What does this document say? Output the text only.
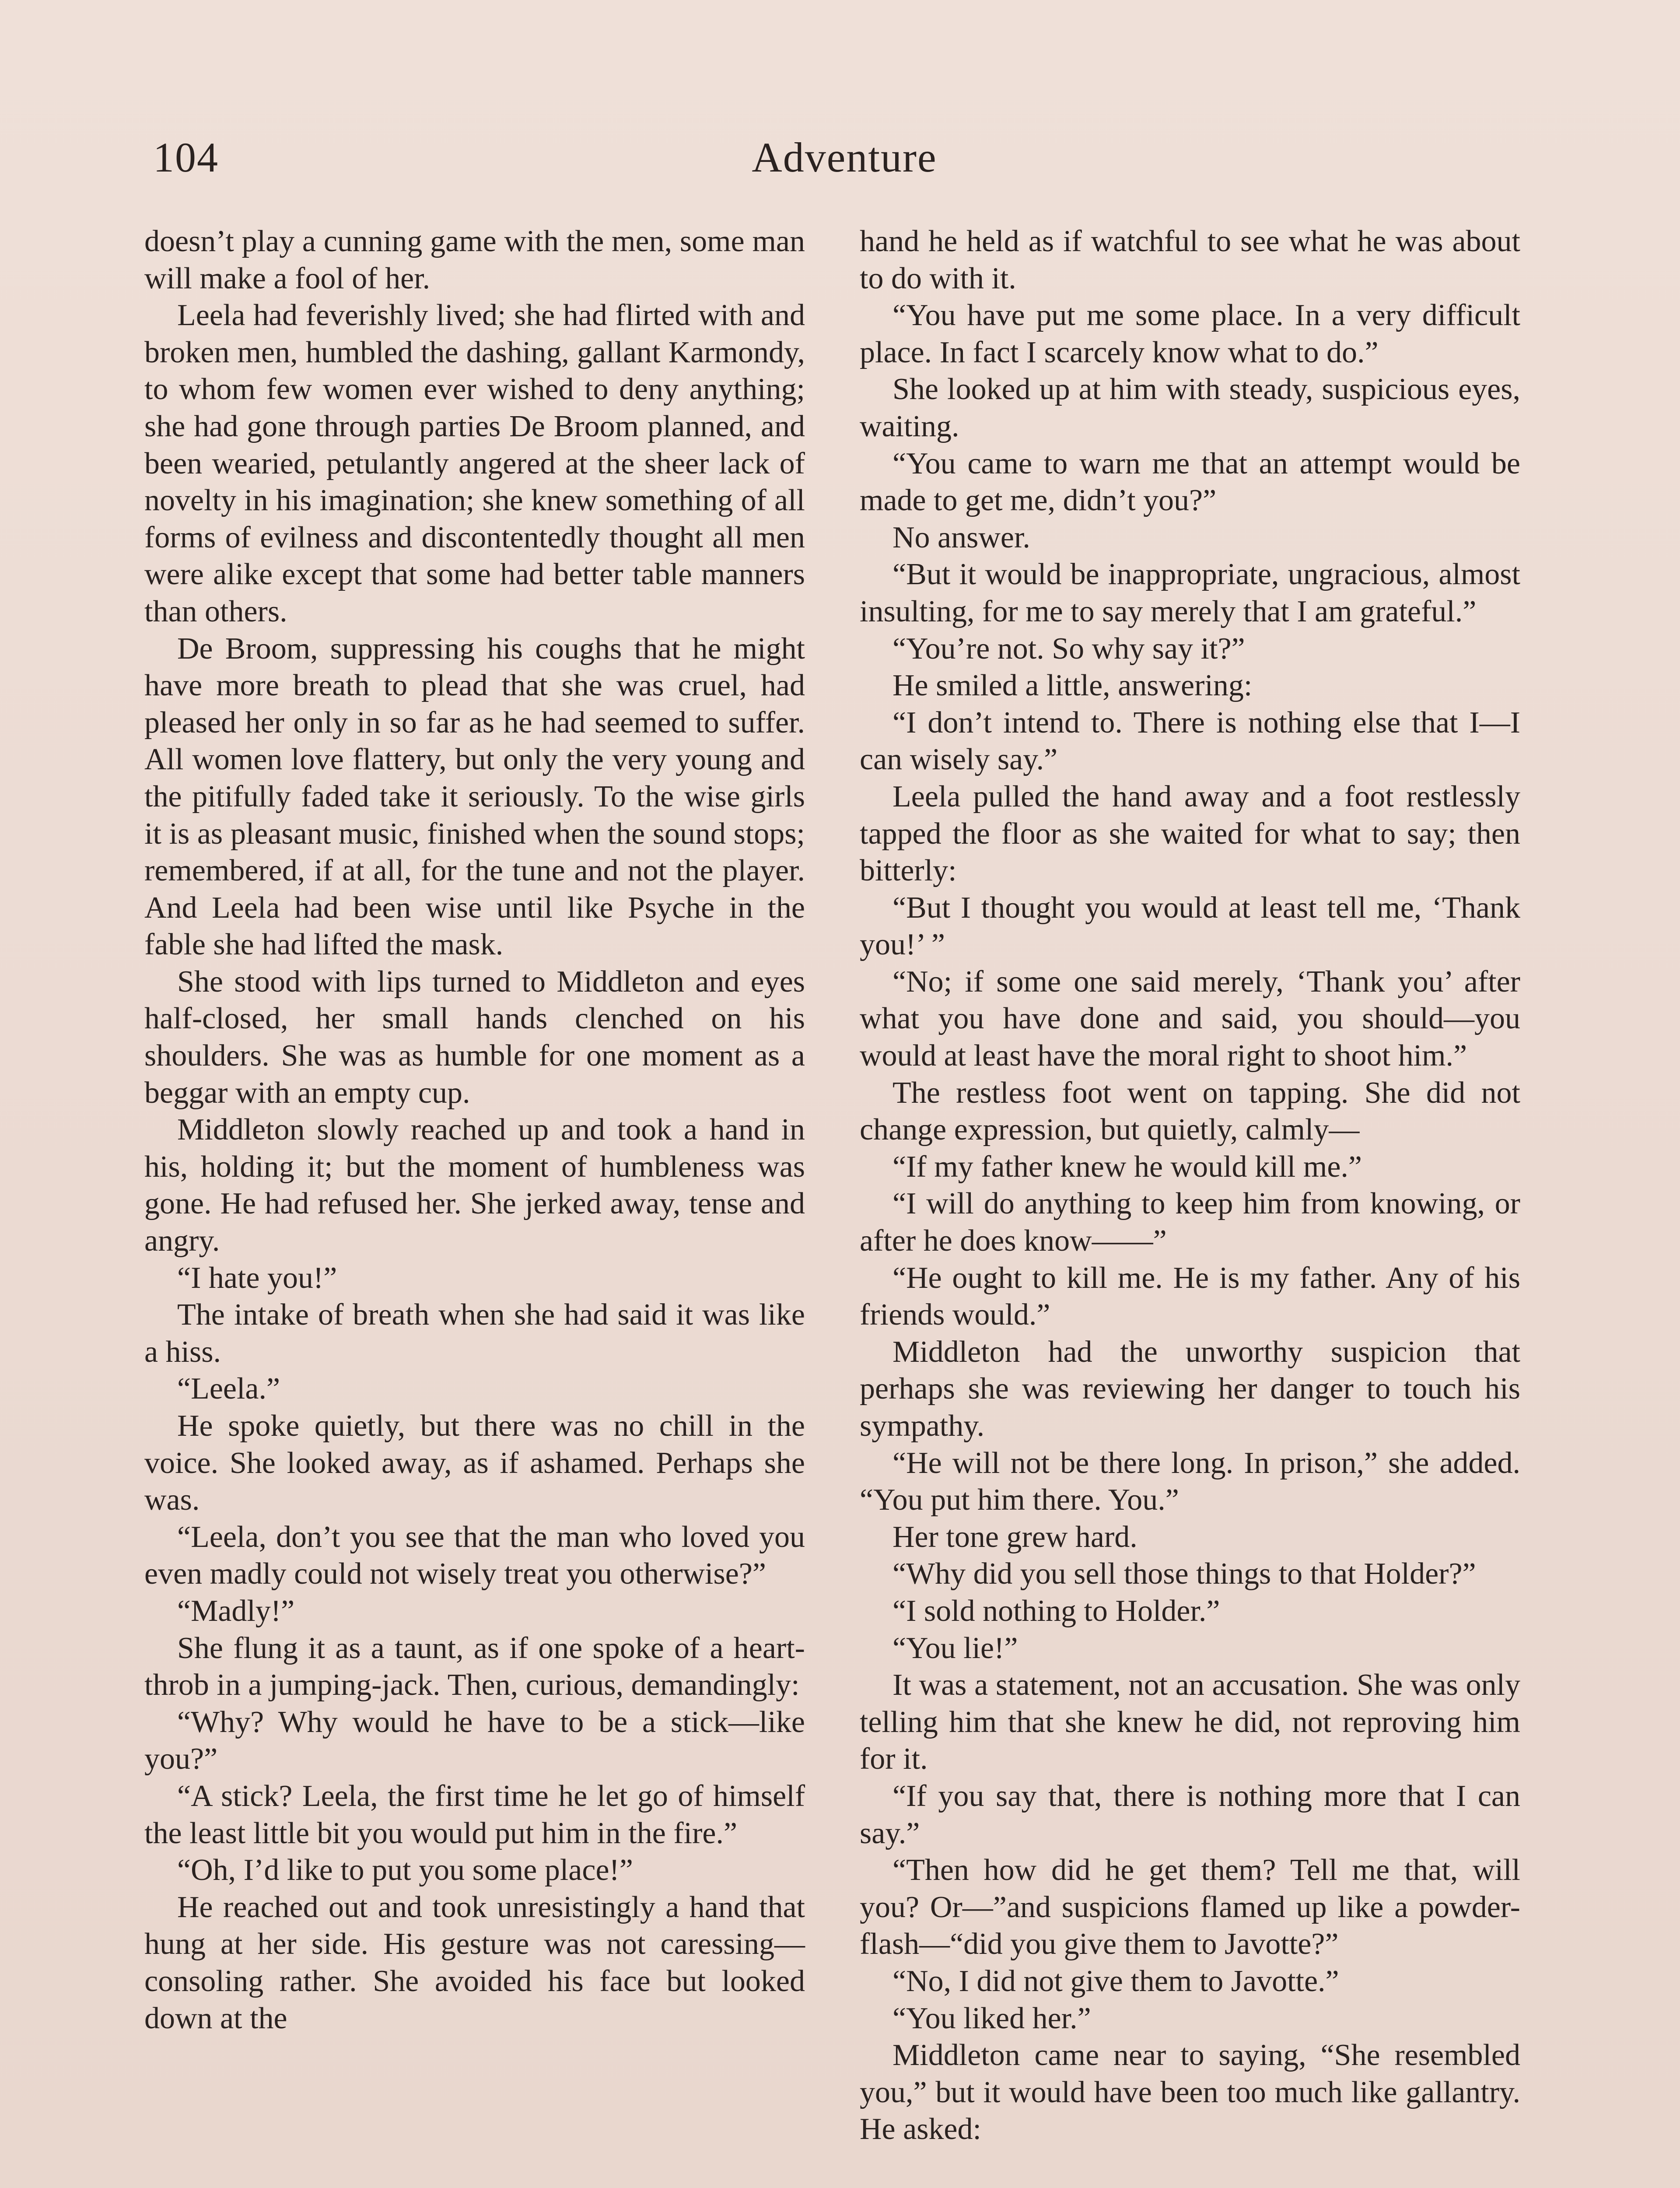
104	Adventure

doesn’t play a cunning game with the men, some man will make a fool of her.

Leela had feverishly lived; she had flirted with and broken men, humbled the dashing, gallant Karmondy, to whom few women ever wished to deny anything; she had gone through parties De Broom planned, and been wearied, petulantly angered at the sheer lack of novelty in his imagination; she knew something of all forms of evilness and discontentedly thought all men were alike except that some had better table manners than others.

De Broom, suppressing his coughs that he might have more breath to plead that she was cruel, had pleased her only in so far as he had seemed to suffer. All women love flattery, but only the very young and the pitifully faded take it seriously. To the wise girls it is as pleasant music, finished when the sound stops; remembered, if at all, for the tune and not the player. And Leela had been wise until like Psyche in the fable she had lifted the mask.

She stood with lips turned to Middleton and eyes half-closed, her small hands clenched on his shoulders. She was as humble for one moment as a beggar with an empty cup.

Middleton slowly reached up and took a hand in his, holding it; but the moment of humbleness was gone. He had refused her. She jerked away, tense and angry.

“I hate you!”

The intake of breath when she had said it was like a hiss.

“Leela.”

He spoke quietly, but there was no chill in the voice. She looked away, as if ashamed. Perhaps she was.

“Leela, don’t you see that the man who loved you even madly could not wisely treat you otherwise?”

“Madly!”

She flung it as a taunt, as if one spoke of a heart-throb in a jumping-jack. Then, curious, demandingly:

“Why? Why would he have to be a stick—like you?”

“A stick? Leela, the first time he let go of himself the least little bit you would put him in the fire.”

“Oh, I’d like to put you some place!”

He reached out and took unresistingly a hand that hung at her side. His gesture was not caressing—consoling rather. She avoided his face but looked down at the

hand he held as if watchful to see what he was about to do with it.

“You have put me some place. In a very difficult place. In fact I scarcely know what to do.”

She looked up at him with steady, suspicious eyes, waiting.

“You came to warn me that an attempt would be made to get me, didn’t you?”

No answer.

“But it would be inappropriate, ungracious, almost insulting, for me to say merely that I am grateful.”

“You’re not. So why say it?”

He smiled a little, answering:

“I don’t intend to. There is nothing else that I—I can wisely say.”

Leela pulled the hand away and a foot restlessly tapped the floor as she waited for what to say; then bitterly:

“But I thought you would at least tell me, ‘Thank you!’ ”

“No; if some one said merely, ‘Thank you’ after what you have done and said, you should—you would at least have the moral right to shoot him.”

The restless foot went on tapping. She did not change expression, but quietly, calmly—

“If my father knew he would kill me.”

“I will do anything to keep him from knowing, or after he does know——”

“He ought to kill me. He is my father. Any of his friends would.”

Middleton had the unworthy suspicion that perhaps she was reviewing her danger to touch his sympathy.

“He will not be there long. In prison,” she added. “You put him there. You.”

Her tone grew hard.

“Why did you sell those things to that Holder?”

“I sold nothing to Holder.”

“You lie!”

It was a statement, not an accusation. She was only telling him that she knew he did, not reproving him for it.

“If you say that, there is nothing more that I can say.”

“Then how did he get them? Tell me that, will you? Or—”and suspicions flamed up like a powder-flash—“did you give them to Javotte?”

“No, I did not give them to Javotte.”

“You liked her.”

Middleton came near to saying, “She resembled you,” but it would have been too much like gallantry. He asked:
